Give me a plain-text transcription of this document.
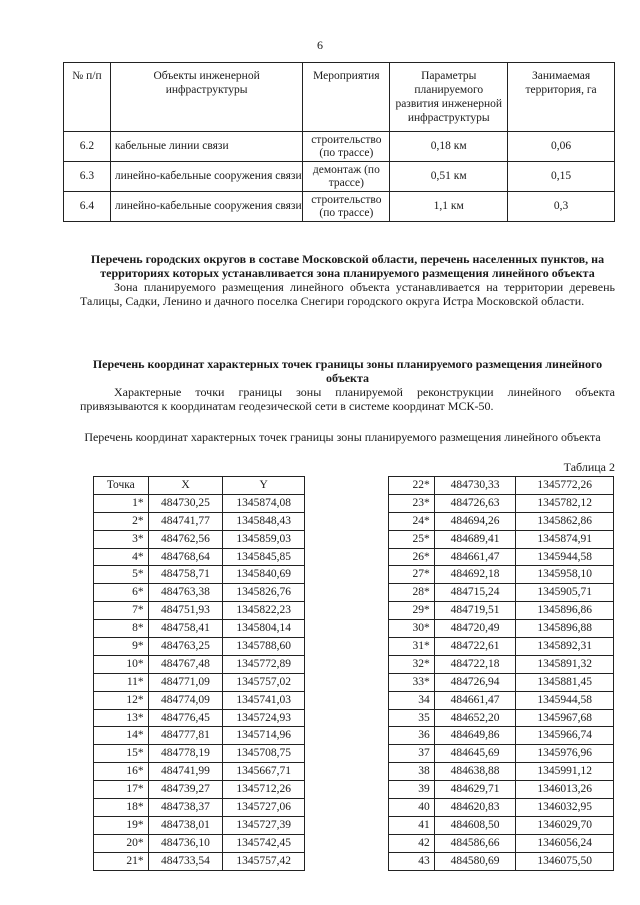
6
№ п/п	Объекты инженерной инфраструктуры	Мероприятия	Параметры планируемого развития инженерной инфраструктуры	Занимаемая территория, га
6.2	кабельные линии связи	строительство (по трассе)	0,18 км	0,06
6.3	линейно-кабельные сооружения связи	демонтаж (по трассе)	0,51 км	0,15
6.4	линейно-кабельные сооружения связи	строительство (по трассе)	1,1 км	0,3
Перечень городских округов в составе Московской области, перечень населенных пунктов, на территориях которых устанавливается зона планируемого размещения линейного объекта
Зона планируемого размещения линейного объекта устанавливается на территории деревень Талицы, Садки, Ленино и дачного поселка Снегири городского округа Истра Московской области.
Перечень координат характерных точек границы зоны планируемого размещения линейного объекта
Характерные точки границы зоны планируемой реконструкции линейного объекта привязываются к координатам геодезической сети в системе координат МСК-50.
Перечень координат характерных точек границы зоны планируемого размещения линейного объекта
Таблица 2
Точка	X	Y
1*	484730,25	1345874,08
2*	484741,77	1345848,43
3*	484762,56	1345859,03
4*	484768,64	1345845,85
5*	484758,71	1345840,69
6*	484763,38	1345826,76
7*	484751,93	1345822,23
8*	484758,41	1345804,14
9*	484763,25	1345788,60
10*	484767,48	1345772,89
11*	484771,09	1345757,02
12*	484774,09	1345741,03
13*	484776,45	1345724,93
14*	484777,81	1345714,96
15*	484778,19	1345708,75
16*	484741,99	1345667,71
17*	484739,27	1345712,26
18*	484738,37	1345727,06
19*	484738,01	1345727,39
20*	484736,10	1345742,45
21*	484733,54	1345757,42
22*	484730,33	1345772,26
23*	484726,63	1345782,12
24*	484694,26	1345862,86
25*	484689,41	1345874,91
26*	484661,47	1345944,58
27*	484692,18	1345958,10
28*	484715,24	1345905,71
29*	484719,51	1345896,86
30*	484720,49	1345896,88
31*	484722,61	1345892,31
32*	484722,18	1345891,32
33*	484726,94	1345881,45
34	484661,47	1345944,58
35	484652,20	1345967,68
36	484649,86	1345966,74
37	484645,69	1345976,96
38	484638,88	1345991,12
39	484629,71	1346013,26
40	484620,83	1346032,95
41	484608,50	1346029,70
42	484586,66	1346056,24
43	484580,69	1346075,50
